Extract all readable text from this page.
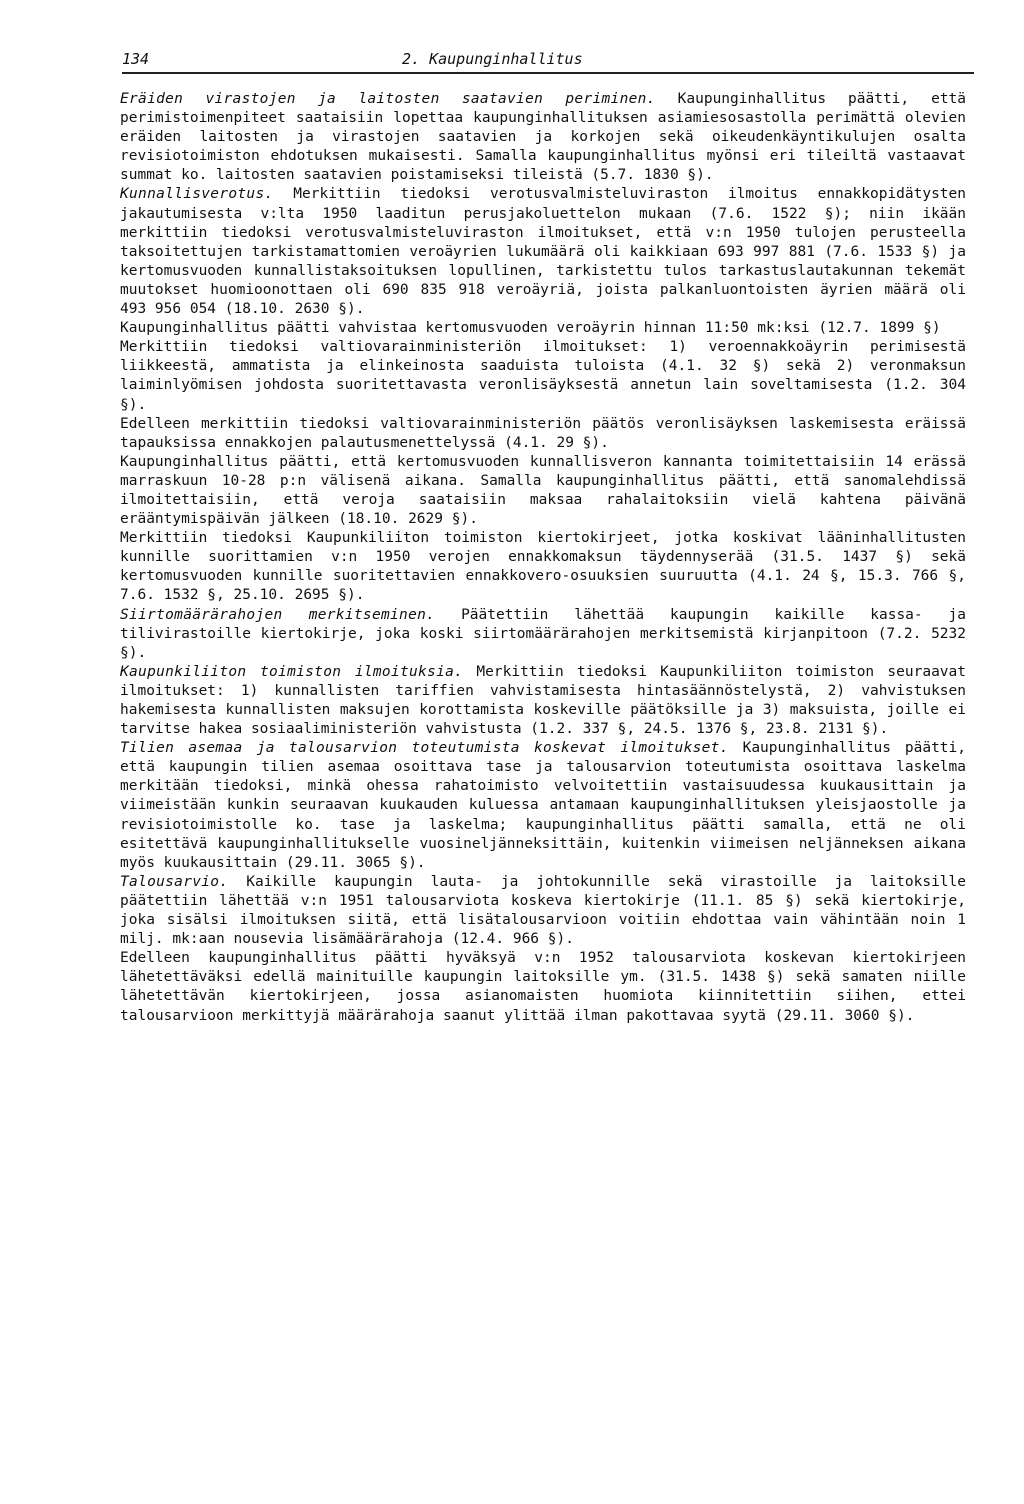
134	2. Kaupunginhallitus

Eräiden virastojen ja laitosten saatavien periminen. Kaupunginhallitus päätti, että perimistoimenpiteet saataisiin lopettaa kaupunginhallituksen asiamiesosastolla perimättä olevien eräiden laitosten ja virastojen saatavien ja korkojen sekä oikeudenkäyntikulujen osalta revisiotoimiston ehdotuksen mukaisesti. Samalla kaupunginhallitus myönsi eri tileiltä vastaavat summat ko. laitosten saatavien poistamiseksi tileistä (5.7. 1830 §).

Kunnallisverotus. Merkittiin tiedoksi verotusvalmisteluviraston ilmoitus ennakkopidätysten jakautumisesta v:lta 1950 laaditun perusjakoluettelon mukaan (7.6. 1522 §); niin ikään merkittiin tiedoksi verotusvalmisteluviraston ilmoitukset, että v:n 1950 tulojen perusteella taksoitettujen tarkistamattomien veroäyrien lukumäärä oli kaikkiaan 693 997 881 (7.6. 1533 §) ja kertomusvuoden kunnallistaksoituksen lopullinen, tarkistettu tulos tarkastuslautakunnan tekemät muutokset huomioonottaen oli 690 835 918 veroäyriä, joista palkanluontoisten äyrien määrä oli 493 956 054 (18.10. 2630 §).

Kaupunginhallitus päätti vahvistaa kertomusvuoden veroäyrin hinnan 11:50 mk:ksi (12.7. 1899 §)

Merkittiin tiedoksi valtiovarainministeriön ilmoitukset: 1) veroennakkoäyrin perimisestä liikkeestä, ammatista ja elinkeinosta saaduista tuloista (4.1. 32 §) sekä 2) veronmaksun laiminlyömisen johdosta suoritettavasta veronlisäyksestä annetun lain soveltamisesta (1.2. 304 §).

Edelleen merkittiin tiedoksi valtiovarainministeriön päätös veronlisäyksen laskemisesta eräissä tapauksissa ennakkojen palautusmenettelyssä (4.1. 29 §).

Kaupunginhallitus päätti, että kertomusvuoden kunnallisveron kannanta toimitettaisiin 14 erässä marraskuun 10-28 p:n välisenä aikana. Samalla kaupunginhallitus päätti, että sanomalehdissä ilmoitettaisiin, että veroja saataisiin maksaa rahalaitoksiin vielä kahtena päivänä erääntymispäivän jälkeen (18.10. 2629 §).

Merkittiin tiedoksi Kaupunkiliiton toimiston kiertokirjeet, jotka koskivat lääninhallitusten kunnille suorittamien v:n 1950 verojen ennakkomaksun täydennyserää (31.5. 1437 §) sekä kertomusvuoden kunnille suoritettavien ennakkovero-osuuksien suuruutta (4.1. 24 §, 15.3. 766 §, 7.6. 1532 §, 25.10. 2695 §).

Siirtomäärärahojen merkitseminen. Päätettiin lähettää kaupungin kaikille kassa- ja tilivirastoille kiertokirje, joka koski siirtomäärärahojen merkitsemistä kirjanpitoon (7.2. 5232 §).

Kaupunkiliiton toimiston ilmoituksia. Merkittiin tiedoksi Kaupunkiliiton toimiston seuraavat ilmoitukset: 1) kunnallisten tariffien vahvistamisesta hintasäännöstelystä, 2) vahvistuksen hakemisesta kunnallisten maksujen korottamista koskeville päätöksille ja 3) maksuista, joille ei tarvitse hakea sosiaaliministeriön vahvistusta (1.2. 337 §, 24.5. 1376 §, 23.8. 2131 §).

Tilien asemaa ja talousarvion toteutumista koskevat ilmoitukset. Kaupunginhallitus päätti, että kaupungin tilien asemaa osoittava tase ja talousarvion toteutumista osoittava laskelma merkitään tiedoksi, minkä ohessa rahatoimisto velvoitettiin vastaisuudessa kuukausittain ja viimeistään kunkin seuraavan kuukauden kuluessa antamaan kaupunginhallituksen yleisjaostolle ja revisiotoimistolle ko. tase ja laskelma; kaupunginhallitus päätti samalla, että ne oli esitettävä kaupunginhallitukselle vuosineljänneksittäin, kuitenkin viimeisen neljänneksen aikana myös kuukausittain (29.11. 3065 §).

Talousarvio. Kaikille kaupungin lauta- ja johtokunnille sekä virastoille ja laitoksille päätettiin lähettää v:n 1951 talousarviota koskeva kiertokirje (11.1. 85 §) sekä kiertokirje, joka sisälsi ilmoituksen siitä, että lisätalousarvioon voitiin ehdottaa vain vähintään noin 1 milj. mk:aan nousevia lisämäärärahoja (12.4. 966 §).

Edelleen kaupunginhallitus päätti hyväksyä v:n 1952 talousarviota koskevan kiertokirjeen lähetettäväksi edellä mainituille kaupungin laitoksille ym. (31.5. 1438 §) sekä samaten niille lähetettävän kiertokirjeen, jossa asianomaisten huomiota kiinnitettiin siihen, ettei talousarvioon merkittyjä määrärahoja saanut ylittää ilman pakottavaa syytä (29.11. 3060 §).
